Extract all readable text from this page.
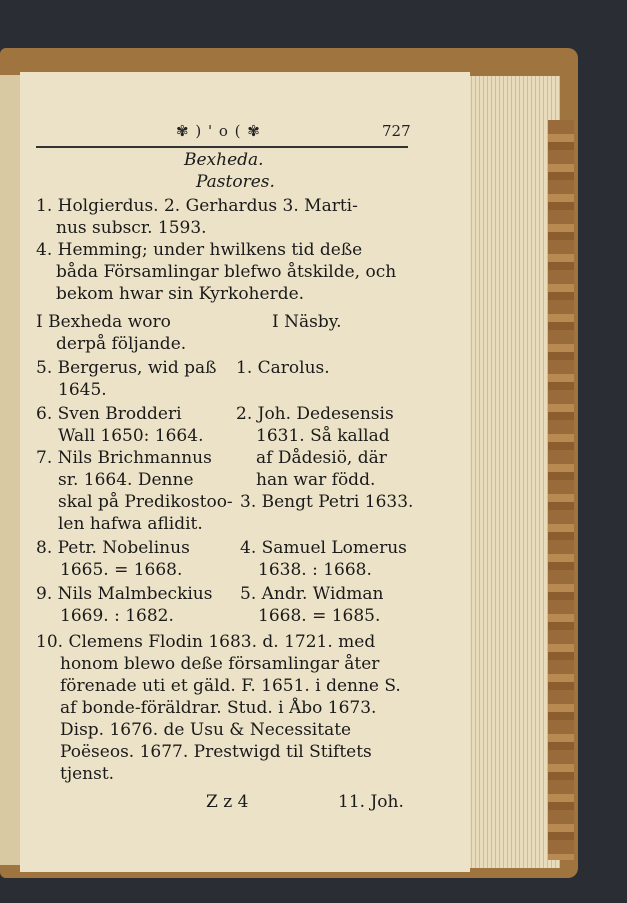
✾ ) ' o ( ✾	727
Bexheda.
Pastores.
1. Holgierdus. 2. Gerhardus 3. Marti-
nus subscr. 1593.
4. Hemming; under hwilkens tid deße
båda Församlingar blefwo åtskilde, och
bekom hwar sin Kyrkoherde.
I Bexheda woro	I Näsby.
derpå följande.
5. Bergerus, wid paß 1. Carolus.
1645.
6. Sven Brodderi	2. Joh. Dedesensis
Wall 1650: 1664.	1631. Så kallad
7. Nils Brichmannus	af Dådesiö, där
sr. 1664. Denne	han war född.
skal på Predikostoo- 3. Bengt Petri 1633.
len hafwa aflidit.
8. Petr. Nobelinus	4. Samuel Lomerus
1665. = 1668.	1638. : 1668.
9. Nils Malmbeckius 5. Andr. Widman
1669. : 1682.	1668. = 1685.
10. Clemens Flodin 1683. d. 1721. med
honom blewo deße församlingar åter
förenade uti et gäld. F. 1651. i denne S.
af bonde-föräldrar. Stud. i Åbo 1673.
Disp. 1676. de Usu & Necessitate
Poëseos. 1677. Prestwigd til Stiftets
tjenst.
Z z 4	11. Joh.
